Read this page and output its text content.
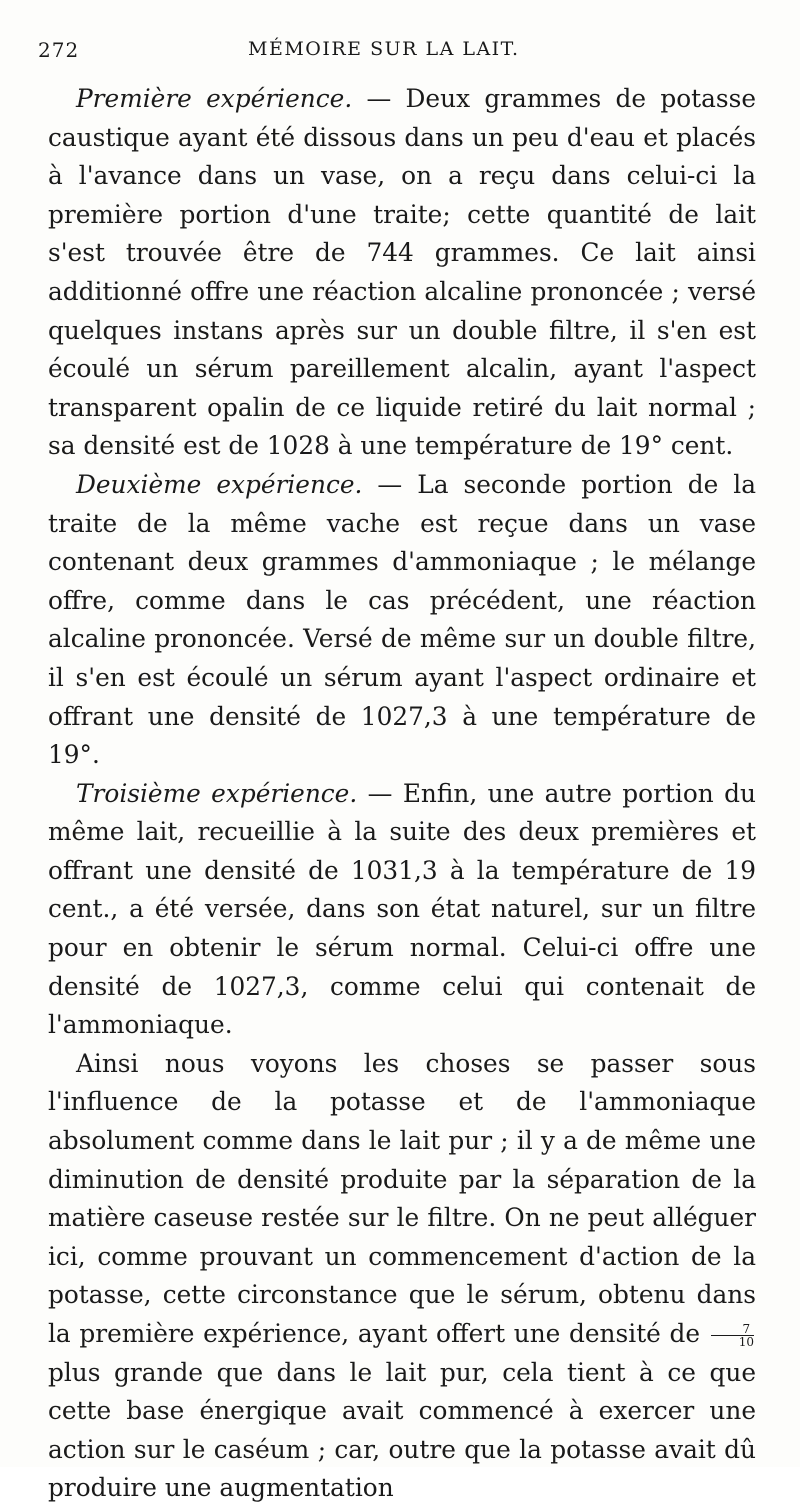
272	MÉMOIRE SUR LA LAIT.

Première expérience. — Deux grammes de potasse caustique ayant été dissous dans un peu d'eau et placés à l'avance dans un vase, on a reçu dans celui-ci la première portion d'une traite; cette quantité de lait s'est trouvée être de 744 grammes. Ce lait ainsi additionné offre une réaction alcaline prononcée ; versé quelques instans après sur un double filtre, il s'en est écoulé un sérum pareillement alcalin, ayant l'aspect transparent opalin de ce liquide retiré du lait normal ; sa densité est de 1028 à une température de 19° cent.

Deuxième expérience. — La seconde portion de la traite de la même vache est reçue dans un vase contenant deux grammes d'ammoniaque ; le mélange offre, comme dans le cas précédent, une réaction alcaline prononcée. Versé de même sur un double filtre, il s'en est écoulé un sérum ayant l'aspect ordinaire et offrant une densité de 1027,3 à une température de 19°.

Troisième expérience. — Enfin, une autre portion du même lait, recueillie à la suite des deux premières et offrant une densité de 1031,3 à la température de 19 cent., a été versée, dans son état naturel, sur un filtre pour en obtenir le sérum normal. Celui-ci offre une densité de 1027,3, comme celui qui contenait de l'ammoniaque.

Ainsi nous voyons les choses se passer sous l'influence de la potasse et de l'ammoniaque absolument comme dans le lait pur ; il y a de même une diminution de densité produite par la séparation de la matière caseuse restée sur le filtre. On ne peut alléguer ici, comme prouvant un commencement d'action de la potasse, cette circonstance que le sérum, obtenu dans la première expérience, ayant offert une densité de $\frac{7}{10}$
plus grande que dans le lait pur, cela tient à ce que cette base énergique avait commencé à exercer une action sur le caséum ; car, outre que la potasse avait dû produire une augmentation
